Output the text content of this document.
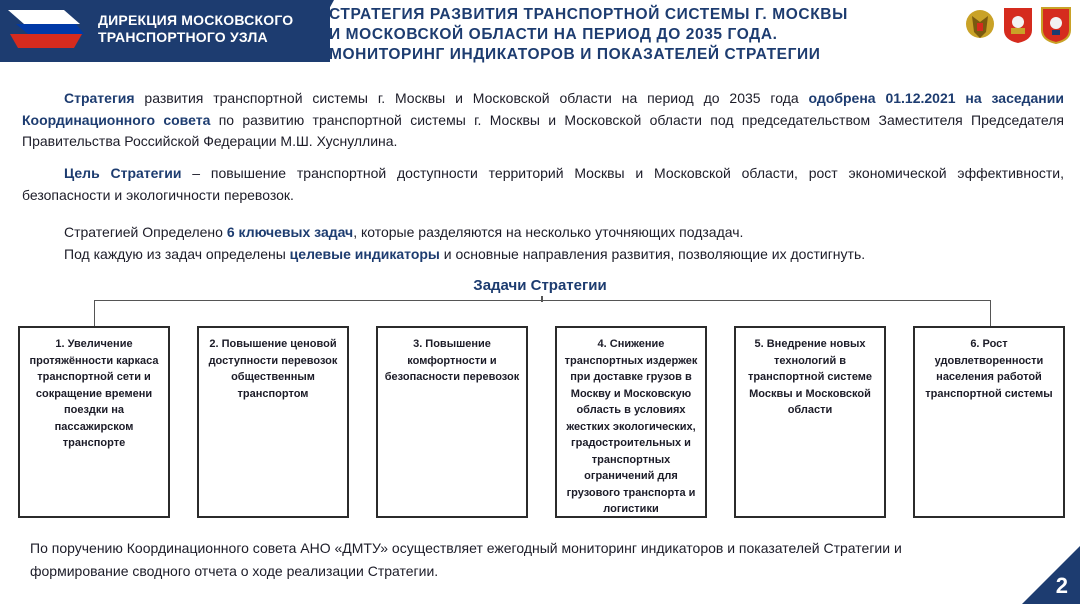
ДИРЕКЦИЯ МОСКОВСКОГО
ТРАНСПОРТНОГО УЗЛА
СТРАТЕГИЯ РАЗВИТИЯ ТРАНСПОРТНОЙ СИСТЕМЫ Г. МОСКВЫ
И МОСКОВСКОЙ ОБЛАСТИ НА ПЕРИОД ДО 2035 ГОДА.
МОНИТОРИНГ ИНДИКАТОРОВ И ПОКАЗАТЕЛЕЙ СТРАТЕГИИ
Стратегия развития транспортной системы г. Москвы и Московской области на период до 2035 года одобрена 01.12.2021 на заседании Координационного совета по развитию транспортной системы г. Москвы и Московской области под председательством Заместителя Председателя Правительства Российской Федерации М.Ш. Хуснуллина.
Цель Стратегии – повышение транспортной доступности территорий Москвы и Московской области, рост экономической эффективности, безопасности и экологичности перевозок.
Стратегией Определено 6 ключевых задач, которые разделяются на несколько уточняющих подзадач.
Под каждую из задач определены целевые индикаторы и основные направления развития, позволяющие их достигнуть.
Задачи Стратегии
1. Увеличение протяжённости каркаса транспортной сети и сокращение времени поездки на пассажирском транспорте
2. Повышение ценовой доступности перевозок общественным транспортом
3. Повышение комфортности и безопасности перевозок
4. Снижение транспортных издержек при доставке грузов в Москву и Московскую область в условиях жестких экологических, градостроительных и транспортных ограничений для грузового транспорта и логистики
5. Внедрение новых технологий в транспортной системе Москвы и Московской области
6. Рост удовлетворенности населения работой транспортной системы
По поручению Координационного совета АНО «ДМТУ» осуществляет ежегодный мониторинг индикаторов и показателей Стратегии и формирование сводного отчета о ходе реализации Стратегии.
2
